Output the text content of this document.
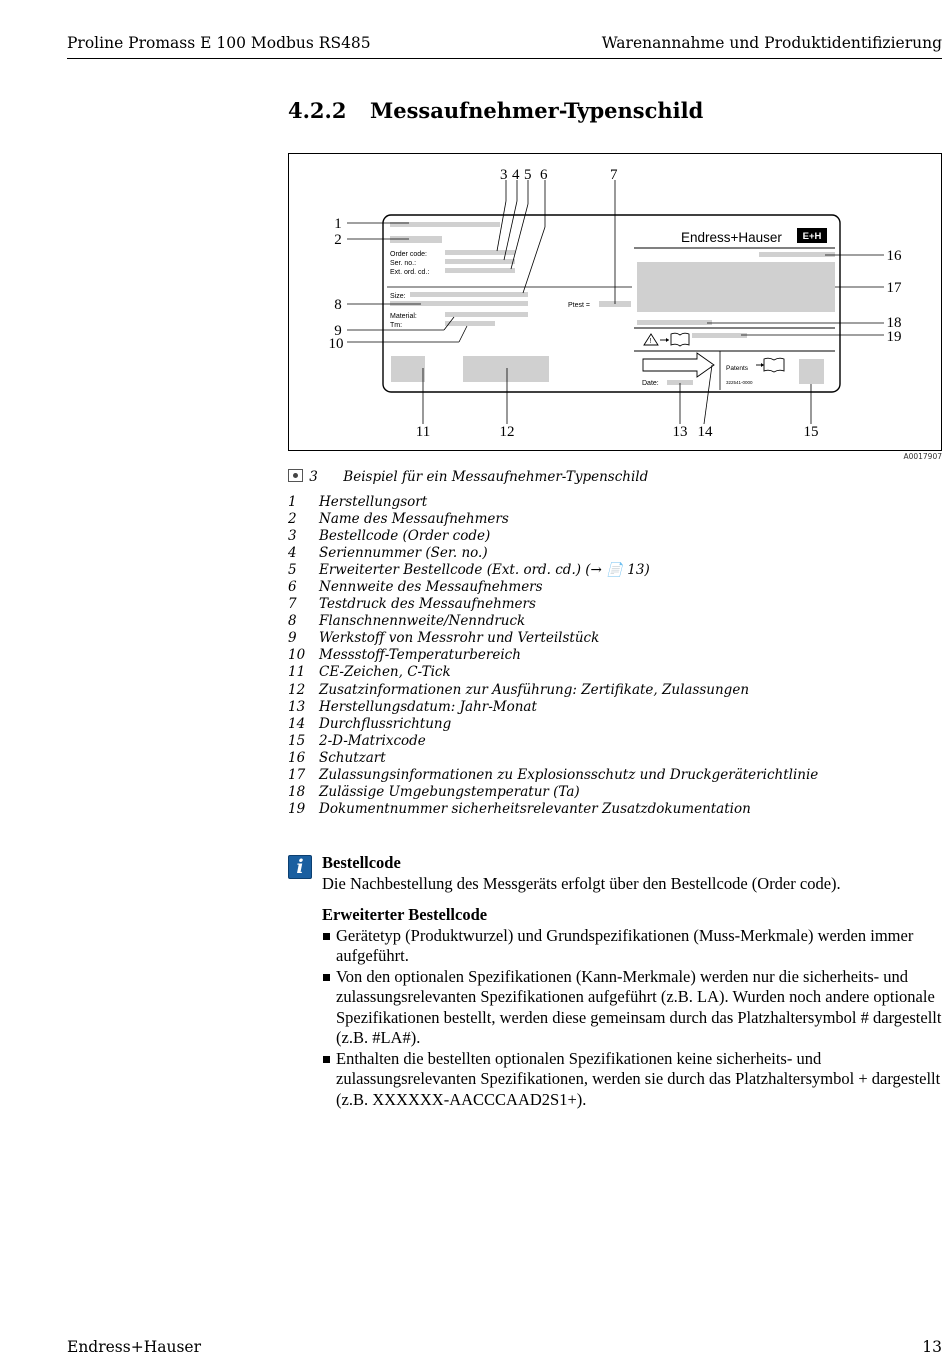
Proline Promass E 100 Modbus RS485	Warenannahme und Produktidentifizierung
4.2.2 Messaufnehmer-Typenschild
Order code:
Ser. no.:
Ext. ord. cd.:
Size:
Material:
Tm:
Ptest =
Endress+Hauser E+H
!
Date:
Patents
322541-0000
3 4 5 6	7
1
2
8
9
10
16
17
18
19
11	12	13 14	15
A0017907
3 Beispiel für ein Messaufnehmer-Typenschild
1 Herstellungsort
2 Name des Messaufnehmers
3 Bestellcode (Order code)
4 Seriennummer (Ser. no.)
5 Erweiterter Bestellcode (Ext. ord. cd.) (→ 📄 13)
6 Nennweite des Messaufnehmers
7 Testdruck des Messaufnehmers
8 Flanschnennweite/Nenndruck
9 Werkstoff von Messrohr und Verteilstück
10 Messstoff-Temperaturbereich
11 CE-Zeichen, C-Tick
12 Zusatzinformationen zur Ausführung: Zertifikate, Zulassungen
13 Herstellungsdatum: Jahr-Monat
14 Durchflussrichtung
15 2-D-Matrixcode
16 Schutzart
17 Zulassungsinformationen zu Explosionsschutz und Druckgeräterichtlinie
18 Zulässige Umgebungstemperatur (Ta)
19 Dokumentnummer sicherheitsrelevanter Zusatzdokumentation
i	Bestellcode
Die Nachbestellung des Messgeräts erfolgt über den Bestellcode (Order code).
Erweiterter Bestellcode
Gerätetyp (Produktwurzel) und Grundspezifikationen (Muss-Merkmale) werden immer aufgeführt.
Von den optionalen Spezifikationen (Kann-Merkmale) werden nur die sicherheits- und zulassungsrelevanten Spezifikationen aufgeführt (z.B. LA). Wurden noch andere optionale Spezifikationen bestellt, werden diese gemeinsam durch das Platzhaltersymbol # dargestellt (z.B. #LA#).
Enthalten die bestellten optionalen Spezifikationen keine sicherheits- und zulassungsrelevanten Spezifikationen, werden sie durch das Platzhaltersymbol + dargestellt (z.B. XXXXXX-AACCCAAD2S1+).
Endress+Hauser	13
